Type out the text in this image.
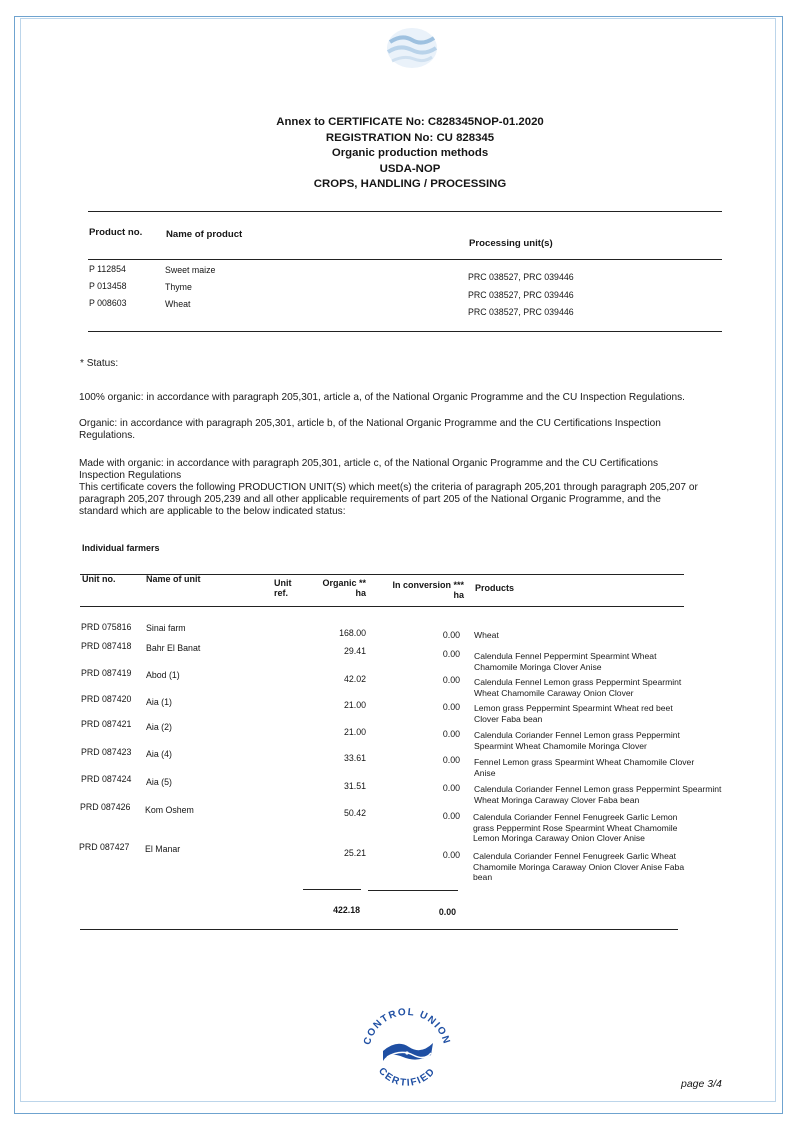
Annex to CERTIFICATE No: C828345NOP-01.2020
REGISTRATION No: CU 828345
Organic production methods
USDA-NOP
CROPS, HANDLING / PROCESSING
Product no. Name of product
Processing unit(s)
P 112854	Sweet maize
PRC 038527, PRC 039446
P 013458	Thyme
PRC 038527, PRC 039446
P 008603	Wheat
PRC 038527, PRC 039446
* Status:
100% organic: in accordance with paragraph 205,301, article a, of the National Organic Programme and the CU Inspection Regulations.
Organic: in accordance with paragraph 205,301, article b, of the National Organic Programme and the CU Certifications Inspection
Regulations.
Made with organic: in accordance with paragraph 205,301, article c, of the National Organic Programme and the CU Certifications
Inspection Regulations
This certificate covers the following PRODUCTION UNIT(S) which meet(s) the criteria of paragraph 205,201 through paragraph 205,207 or
paragraph 205,207 through 205,239 and all other applicable requirements of part 205 of the National Organic Programme, and the
standard which are applicable to the below indicated status:
Individual farmers
Unit no.	Name of unit	Unit
ref.
Organic **
ha
In conversion ***
ha
Products
PRD 075816 Sinai farm	168.00	0.00 Wheat
PRD 087418 Bahr El Banat	29.41	0.00 Calendula Fennel Peppermint Spearmint Wheat
Chamomile Moringa Clover Anise
PRD 087419 Abod (1)	42.02	0.00 Calendula Fennel Lemon grass Peppermint Spearmint
Wheat Chamomile Caraway Onion Clover
PRD 087420 Aia (1)	21.00	0.00 Lemon grass Peppermint Spearmint Wheat red beet
Clover Faba bean
PRD 087421 Aia (2)	21.00	0.00 Calendula Coriander Fennel Lemon grass Peppermint
Spearmint Wheat Chamomile Moringa Clover
PRD 087423 Aia (4)	33.61	0.00 Fennel Lemon grass Spearmint Wheat Chamomile Clover
Anise
PRD 087424 Aia (5)	31.51	0.00 Calendula Coriander Fennel Lemon grass Peppermint Spearmint
Wheat Moringa Caraway Clover Faba bean
PRD 087426 Kom Oshem	50.42	0.00 Calendula Coriander Fennel Fenugreek Garlic Lemon
grass Peppermint Rose Spearmint Wheat Chamomile
Lemon Moringa Caraway Onion Clover Anise
PRD 087427 El Manar	25.21	0.00 Calendula Coriander Fennel Fenugreek Garlic Wheat
Chamomile Moringa Caraway Onion Clover Anise Faba
bean
422.18	0.00
CONTROL UNION
CERTIFIED
page 3/4
